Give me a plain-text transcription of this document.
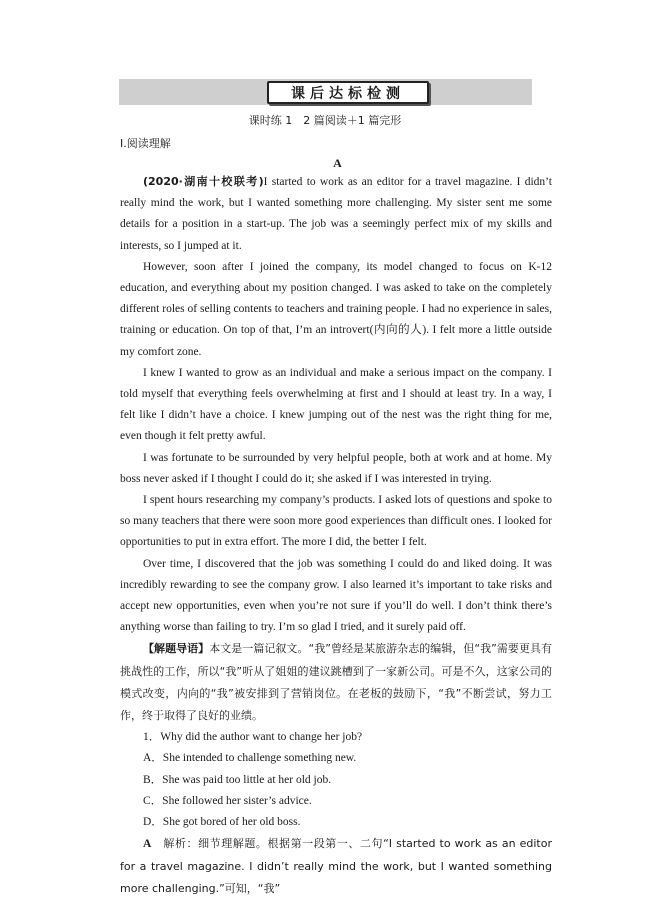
课后达标检测
课时练 1　2 篇阅读＋1 篇完形
Ⅰ.阅读理解
A

(2020·湖南十校联考)I started to work as an editor for a travel magazine. I didn’t really mind the work, but I wanted something more challenging. My sister sent me some details for a position in a start‑up. The job was a seemingly perfect mix of my skills and interests, so I jumped at it.

However, soon after I joined the company, its model changed to focus on K‑12 education, and everything about my position changed. I was asked to take on the completely different roles of selling contents to teachers and training people. I had no experience in sales, training or education. On top of that, I’m an introvert(内向的人). I felt more a little outside my comfort zone.

I knew I wanted to grow as an individual and make a serious impact on the company. I told myself that everything feels overwhelming at first and I should at least try. In a way, I felt like I didn’t have a choice. I knew jumping out of the nest was the right thing for me, even though it felt pretty awful.

I was fortunate to be surrounded by very helpful people, both at work and at home. My boss never asked if I thought I could do it; she asked if I was interested in trying.

I spent hours researching my company’s products. I asked lots of questions and spoke to so many teachers that there were soon more good experiences than difficult ones. I looked for opportunities to put in extra effort. The more I did, the better I felt.

Over time, I discovered that the job was something I could do and liked doing. It was incredibly rewarding to see the company grow. I also learned it’s important to take risks and accept new opportunities, even when you’re not sure if you’ll do well. I don’t think there’s anything worse than failing to try. I’m so glad I tried, and it surely paid off.

【解题导语】本文是一篇记叙文。“我”曾经是某旅游杂志的编辑，但“我”需要更具有挑战性的工作，所以“我”听从了姐姐的建议跳槽到了一家新公司。可是不久，这家公司的模式改变，内向的“我”被安排到了营销岗位。在老板的鼓励下，“我”不断尝试，努力工作，终于取得了良好的业绩。

1．Why did the author want to change her job?

A．She intended to challenge something new.

B．She was paid too little at her old job.

C．She followed her sister’s advice.

D．She got bored of her old boss.

A　解析：细节理解题。根据第一段第一、二句“I started to work as an editor for a travel magazine. I didn’t really mind the work, but I wanted something more challenging.”可知，“我”
